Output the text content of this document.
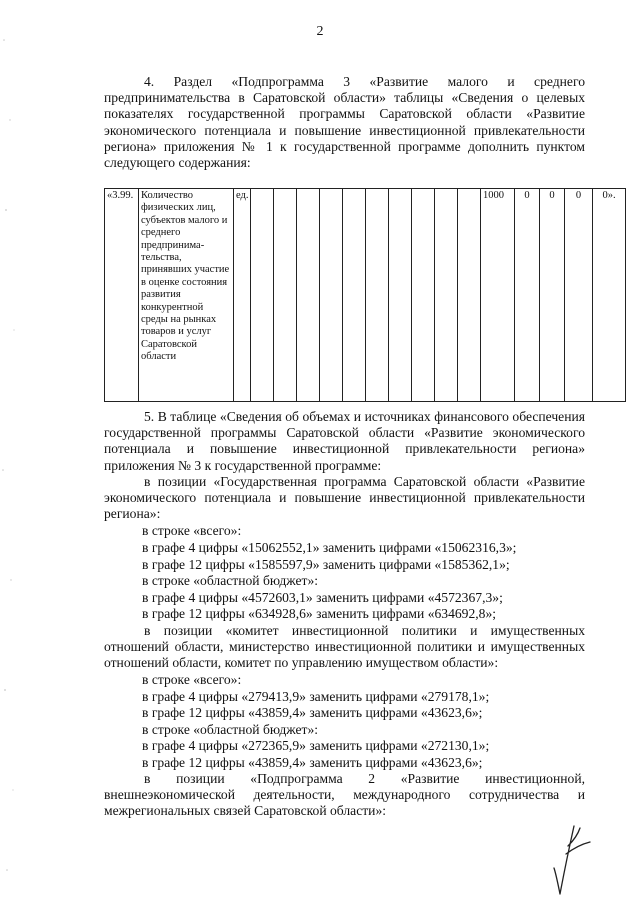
2
4. Раздел «Подпрограмма 3 «Развитие малого и среднего предпринимательства в Саратовской области» таблицы «Сведения о целевых показателях государственной программы Саратовской области «Развитие экономического потенциала и повышение инвестиционной привлекательности региона» приложения № 1 к государственной программе дополнить пунктом следующего содержания:
«3.99.	Количество физических лиц, субъектов малого и среднего предпринима-тельства, принявших участие в оценке состояния развития конкурентной среды на рынках товаров и услуг Саратовской области	ед.											1000	0	0	0	0».
5. В таблице «Сведения об объемах и источниках финансового обеспечения государственной программы Саратовской области «Развитие экономического потенциала и повышение инвестиционной привлекательности региона» приложения № 3 к государственной программе:
в позиции «Государственная программа Саратовской области «Развитие экономического потенциала и повышение инвестиционной привлекательности региона»:
в строке «всего»:
в графе 4 цифры «15062552,1» заменить цифрами «15062316,3»;
в графе 12 цифры «1585597,9» заменить цифрами «1585362,1»;
в строке «областной бюджет»:
в графе 4 цифры «4572603,1» заменить цифрами «4572367,3»;
в графе 12 цифры «634928,6» заменить цифрами «634692,8»;
в позиции «комитет инвестиционной политики и имущественных отношений области, министерство инвестиционной политики и имущественных отношений области, комитет по управлению имуществом области»:
в строке «всего»:
в графе 4 цифры «279413,9» заменить цифрами «279178,1»;
в графе 12 цифры «43859,4» заменить цифрами «43623,6»;
в строке «областной бюджет»:
в графе 4 цифры «272365,9» заменить цифрами «272130,1»;
в графе 12 цифры «43859,4» заменить цифрами «43623,6»;
в позиции «Подпрограмма 2 «Развитие инвестиционной, внешнеэкономической деятельности, международного сотрудничества и межрегиональных связей Саратовской области»:
